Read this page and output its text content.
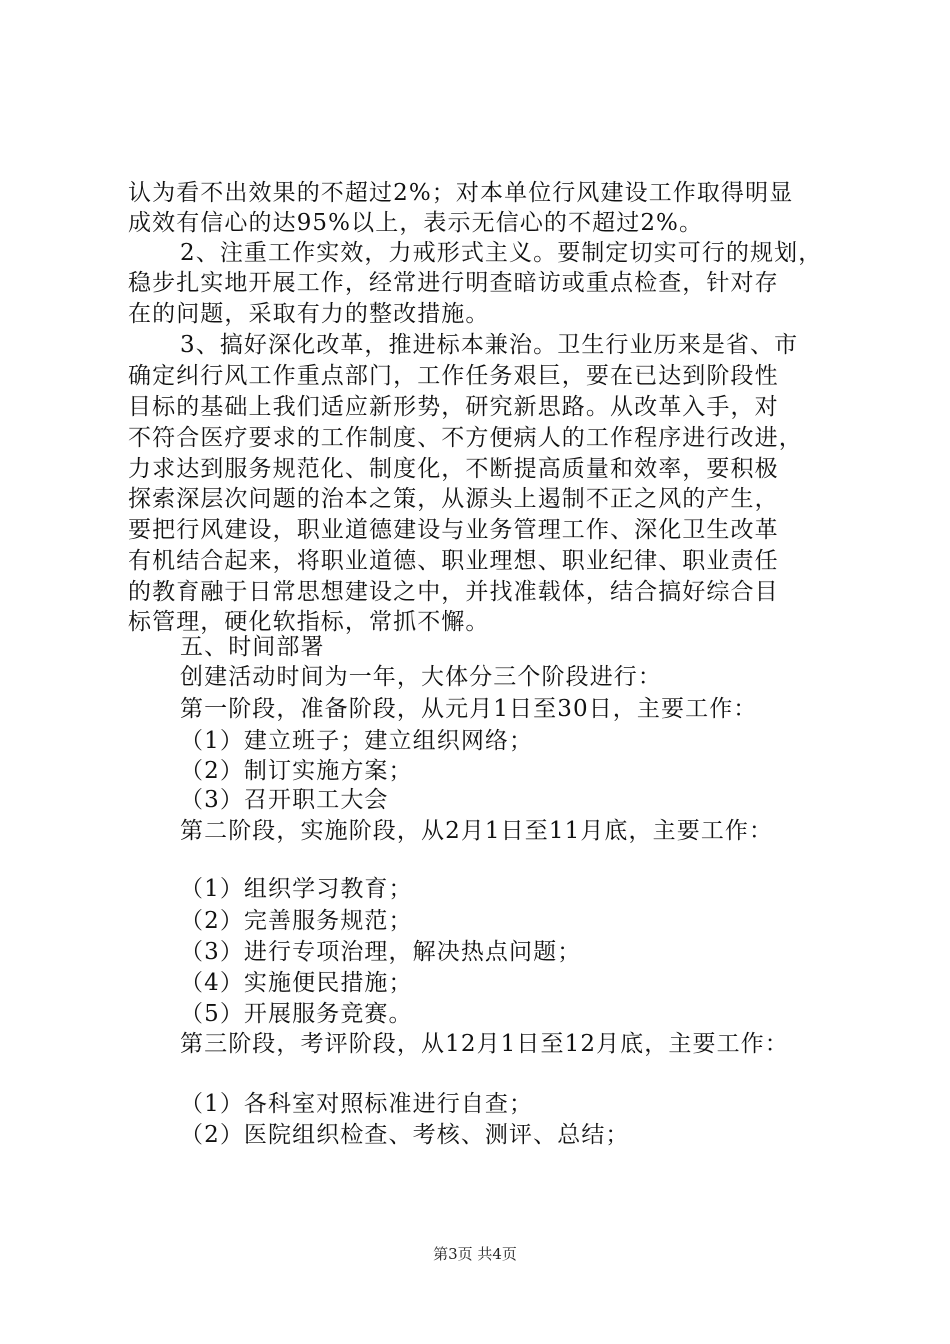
认为看不出效果的不超过2%；对本单位行风建设工作取得明显
成效有信心的达95%以上，表示无信心的不超过2%。
2、注重工作实效，力戒形式主义。要制定切实可行的规划，
稳步扎实地开展工作，经常进行明查暗访或重点检查，针对存
在的问题，采取有力的整改措施。
3、搞好深化改革，推进标本兼治。卫生行业历来是省、市
确定纠行风工作重点部门，工作任务艰巨，要在已达到阶段性
目标的基础上我们适应新形势，研究新思路。从改革入手，对
不符合医疗要求的工作制度、不方便病人的工作程序进行改进，
力求达到服务规范化、制度化，不断提高质量和效率，要积极
探索深层次问题的治本之策，从源头上遏制不正之风的产生，
要把行风建设，职业道德建设与业务管理工作、深化卫生改革
有机结合起来，将职业道德、职业理想、职业纪律、职业责任
的教育融于日常思想建设之中，并找准载体，结合搞好综合目
标管理，硬化软指标，常抓不懈。
五、时间部署
创建活动时间为一年，大体分三个阶段进行：
第一阶段，准备阶段，从元月1日至30日，主要工作：
（1）建立班子；建立组织网络；
（2）制订实施方案；
（3）召开职工大会
第二阶段，实施阶段，从2月1日至11月底，主要工作：
（1）组织学习教育；
（2）完善服务规范；
（3）进行专项治理，解决热点问题；
（4）实施便民措施；
（5）开展服务竞赛。
第三阶段，考评阶段，从12月1日至12月底，主要工作：
（1）各科室对照标准进行自查；
（2）医院组织检查、考核、测评、总结；
第3页 共4页
